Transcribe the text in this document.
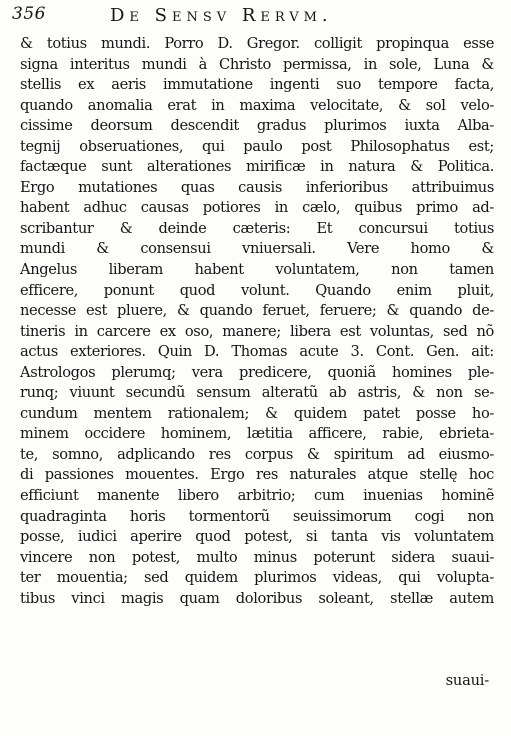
356	De Sensv Rervm.
& totius mundi. Porro D. Gregor. colligit propinqua esse
signa interitus mundi à Christo permissa, in sole, Luna &
stellis ex aeris immutatione ingenti suo tempore facta,
quando anomalia erat in maxima velocitate, & sol velo-
cissime deorsum descendit gradus plurimos iuxta Alba-
tegnij obseruationes, qui paulo post Philosophatus est;
factæque sunt alterationes mirificæ in natura & Politica.
Ergo mutationes quas causis inferioribus attribuimus
habent adhuc causas potiores in cælo, quibus primo ad-
scribantur & deinde cæteris: Et concursui totius
mundi & consensui vniuersali. Vere homo &
Angelus liberam habent voluntatem, non tamen
efficere, ponunt quod volunt. Quando enim pluit,
necesse est pluere, & quando feruet, feruere; & quando de-
tineris in carcere ex oso, manere; libera est voluntas, sed nõ
actus exteriores. Quin D. Thomas acute 3. Cont. Gen. ait:
Astrologos plerumq; vera predicere, quoniã homines ple-
runq; viuunt secundũ sensum alteratũ ab astris, & non se-
cundum mentem rationalem; & quidem patet posse ho-
minem occidere hominem, lætitia afficere, rabie, ebrieta-
te, somno, adplicando res corpus & spiritum ad eiusmo-
di passiones mouentes. Ergo res naturales atque stellę hoc
efficiunt manente libero arbitrio; cum inuenias hominẽ
quadraginta horis tormentorũ seuissimorum cogi non
posse, iudici aperire quod potest, si tanta vis voluntatem
vincere non potest, multo minus poterunt sidera suaui-
ter mouentia; sed quidem plurimos videas, qui volupta-
tibus vinci magis quam doloribus soleant, stellæ autem
suaui-
